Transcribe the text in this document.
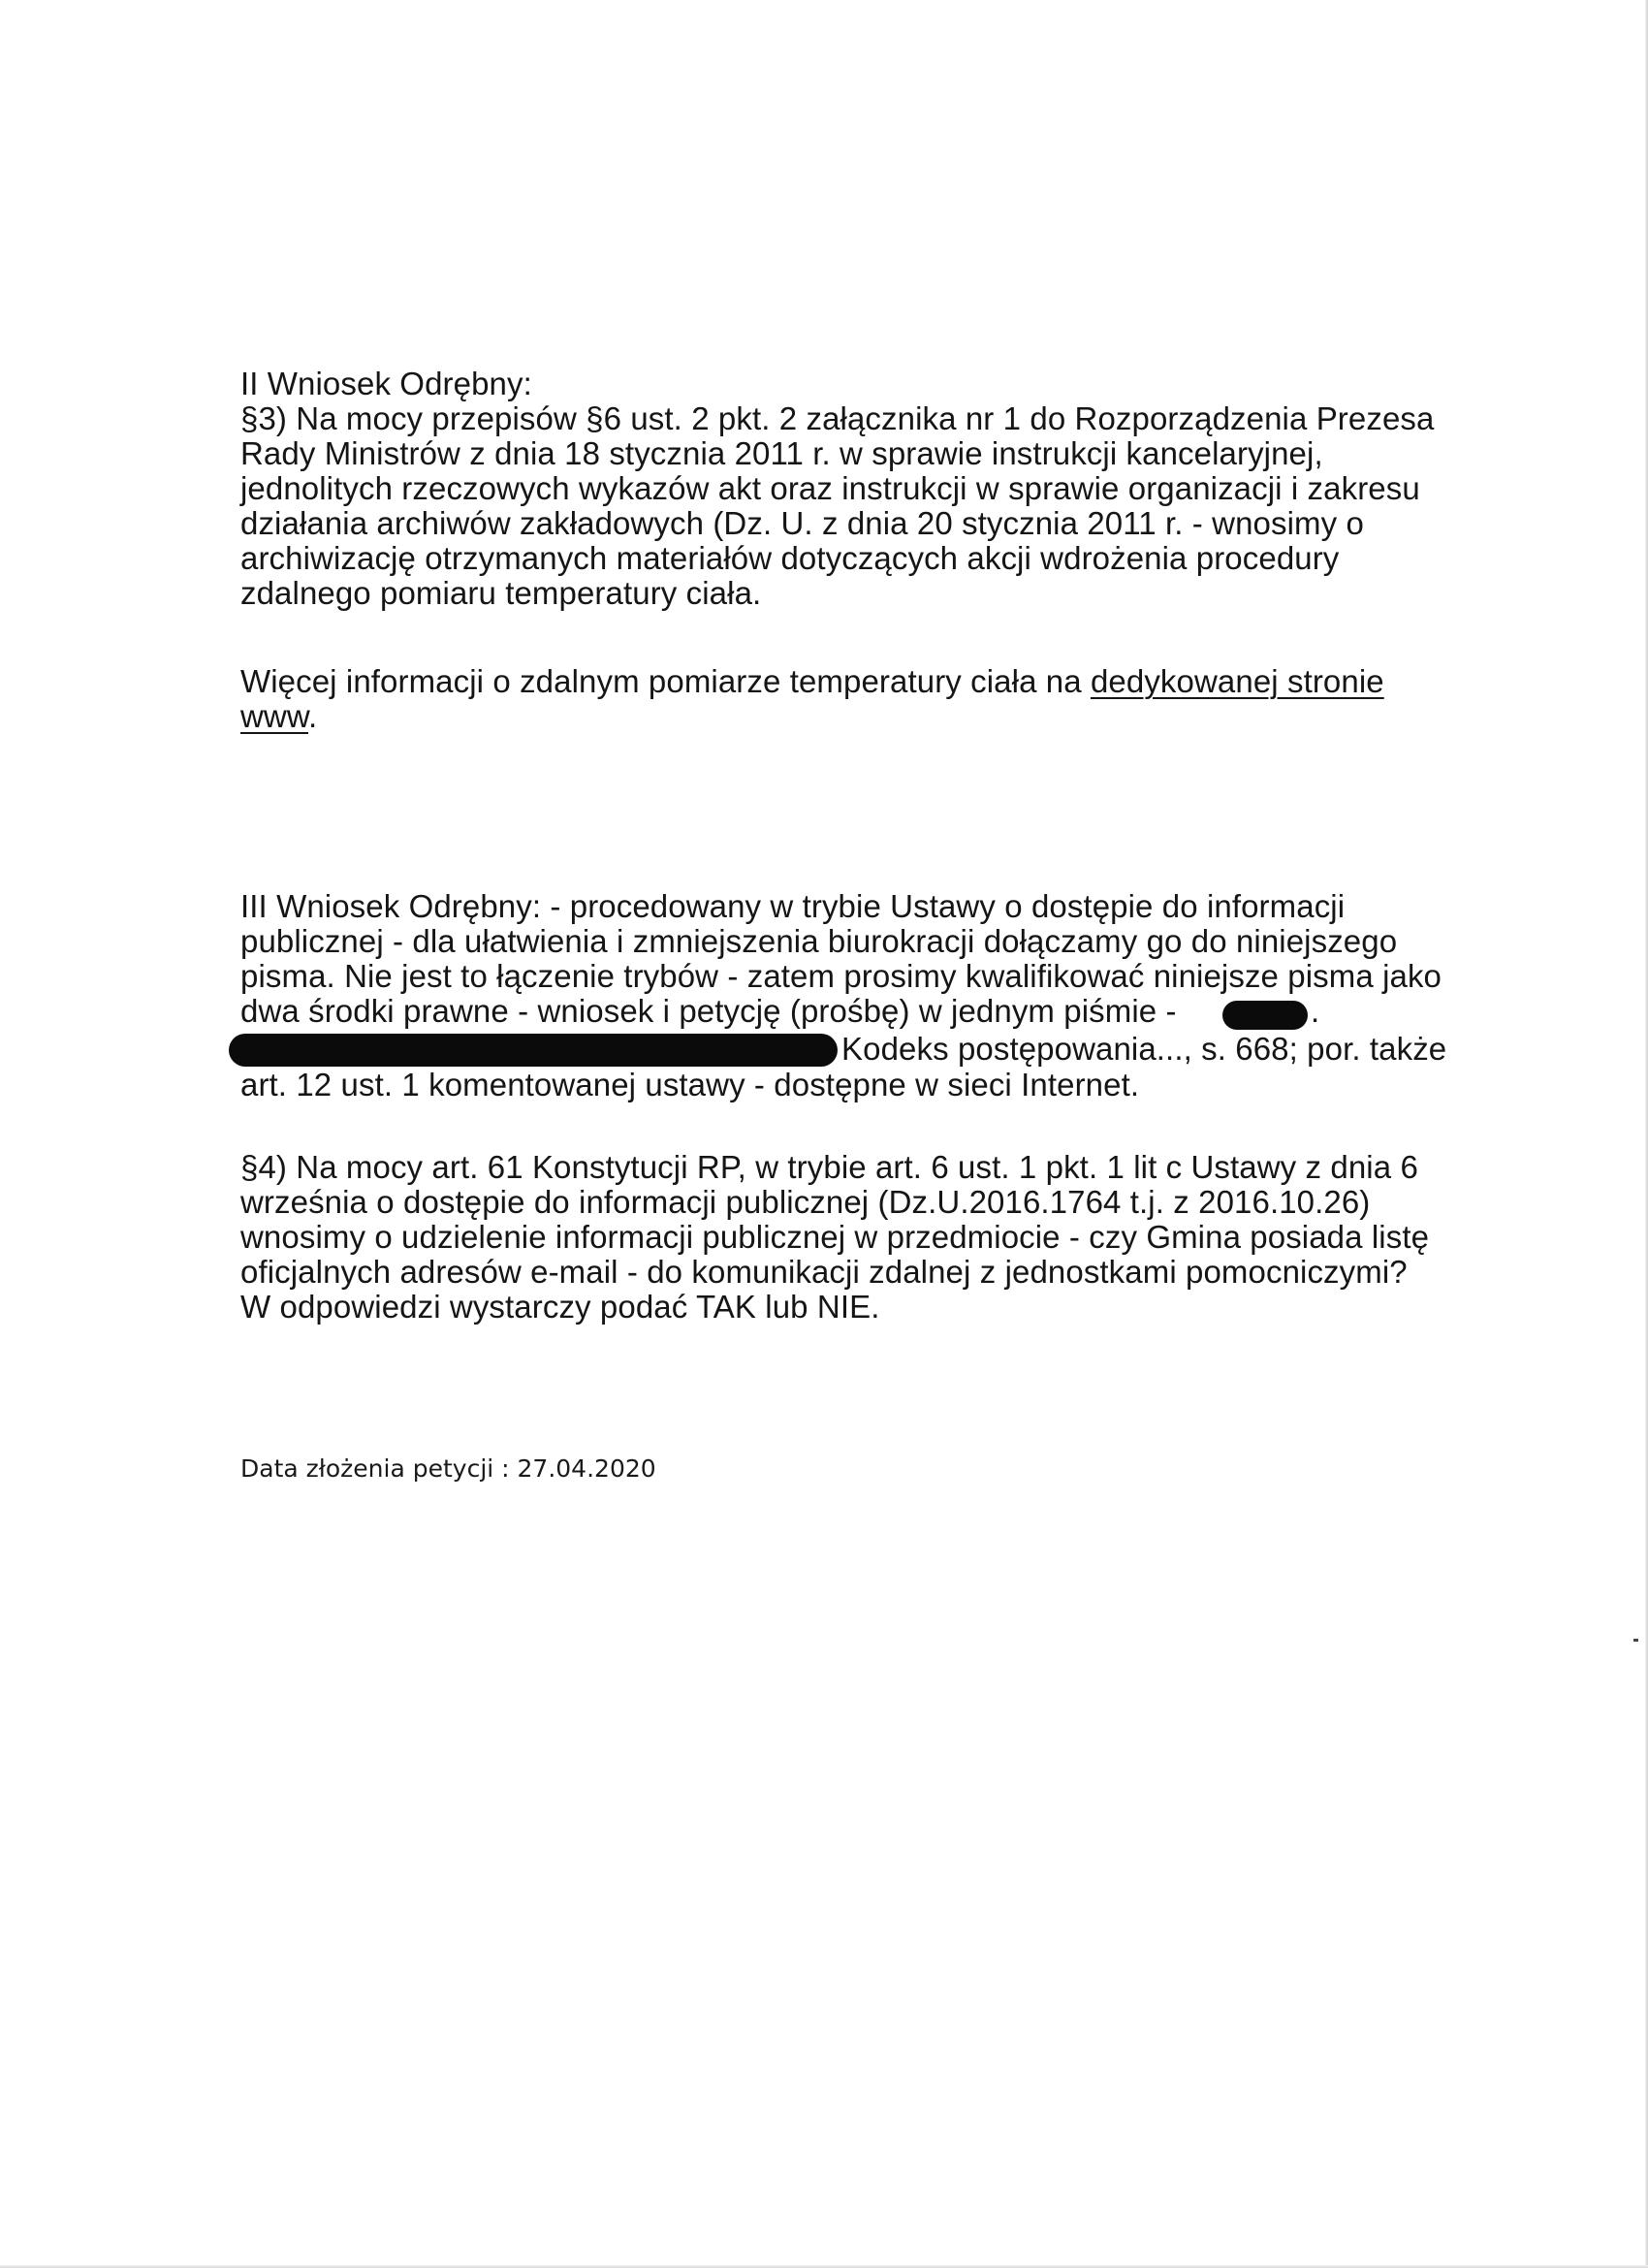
II Wniosek Odrębny:
§3) Na mocy przepisów §6 ust. 2 pkt. 2 załącznika nr 1 do Rozporządzenia Prezesa
Rady Ministrów z dnia 18 stycznia 2011 r. w sprawie instrukcji kancelaryjnej,
jednolitych rzeczowych wykazów akt oraz instrukcji w sprawie organizacji i zakresu
działania archiwów zakładowych (Dz. U. z dnia 20 stycznia 2011 r. - wnosimy o
archiwizację otrzymanych materiałów dotyczących akcji wdrożenia procedury
zdalnego pomiaru temperatury ciała.
Więcej informacji o zdalnym pomiarze temperatury ciała na dedykowanej stronie
www.
III Wniosek Odrębny: - procedowany w trybie Ustawy o dostępie do informacji
publicznej - dla ułatwienia i zmniejszenia biurokracji dołączamy go do niniejszego
pisma. Nie jest to łączenie trybów - zatem prosimy kwalifikować niniejsze pisma jako
dwa środki prawne - wniosek i petycję (prośbę) w jednym piśmie -	.
Kodeks postępowania..., s. 668; por. także
art. 12 ust. 1 komentowanej ustawy - dostępne w sieci Internet.
§4) Na mocy art. 61 Konstytucji RP, w trybie art. 6 ust. 1 pkt. 1 lit c Ustawy z dnia 6
września o dostępie do informacji publicznej (Dz.U.2016.1764 t.j. z 2016.10.26)
wnosimy o udzielenie informacji publicznej w przedmiocie - czy Gmina posiada listę
oficjalnych adresów e-mail - do komunikacji zdalnej z jednostkami pomocniczymi?
W odpowiedzi wystarczy podać TAK lub NIE.
Data złożenia petycji : 27.04.2020
